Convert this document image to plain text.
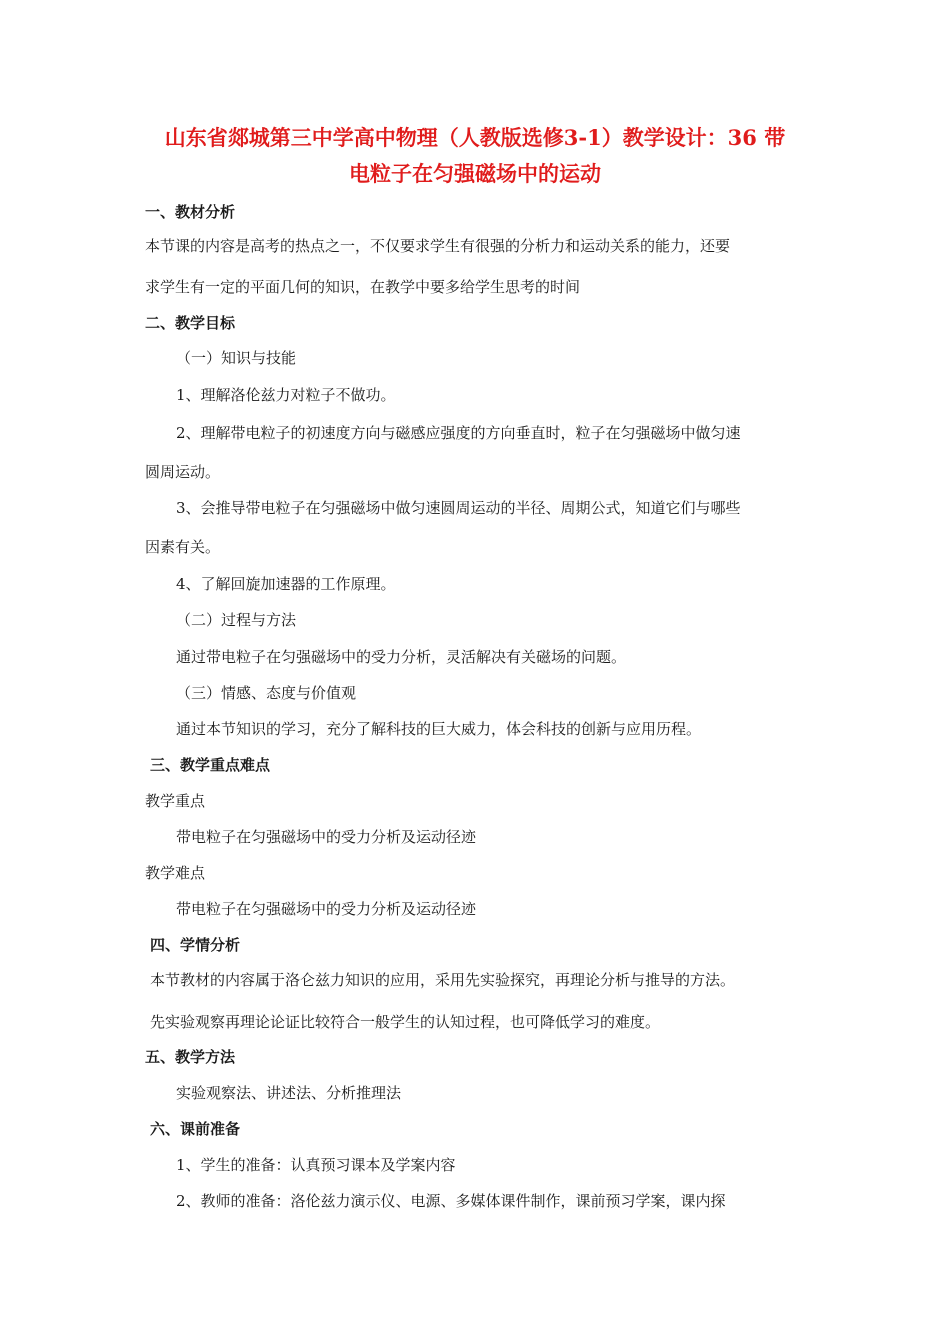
山东省郯城第三中学高中物理（人教版选修3-1）教学设计：36 带
电粒子在匀强磁场中的运动
一、教材分析
本节课的内容是高考的热点之一，不仅要求学生有很强的分析力和运动关系的能力，还要
求学生有一定的平面几何的知识，在教学中要多给学生思考的时间
二、教学目标
（一）知识与技能
1、理解洛伦兹力对粒子不做功。
2、理解带电粒子的初速度方向与磁感应强度的方向垂直时，粒子在匀强磁场中做匀速
圆周运动。
3、会推导带电粒子在匀强磁场中做匀速圆周运动的半径、周期公式，知道它们与哪些
因素有关。
4、了解回旋加速器的工作原理。
（二）过程与方法
通过带电粒子在匀强磁场中的受力分析，灵活解决有关磁场的问题。
（三）情感、态度与价值观
通过本节知识的学习，充分了解科技的巨大威力，体会科技的创新与应用历程。
三、教学重点难点
教学重点
带电粒子在匀强磁场中的受力分析及运动径迹
教学难点
带电粒子在匀强磁场中的受力分析及运动径迹
四、学情分析
本节教材的内容属于洛仑兹力知识的应用，采用先实验探究，再理论分析与推导的方法。
先实验观察再理论论证比较符合一般学生的认知过程，也可降低学习的难度。
五、教学方法
实验观察法、讲述法、分析推理法
六、课前准备
1、学生的准备：认真预习课本及学案内容
2、教师的准备：洛伦兹力演示仪、电源、多媒体课件制作，课前预习学案，课内探
